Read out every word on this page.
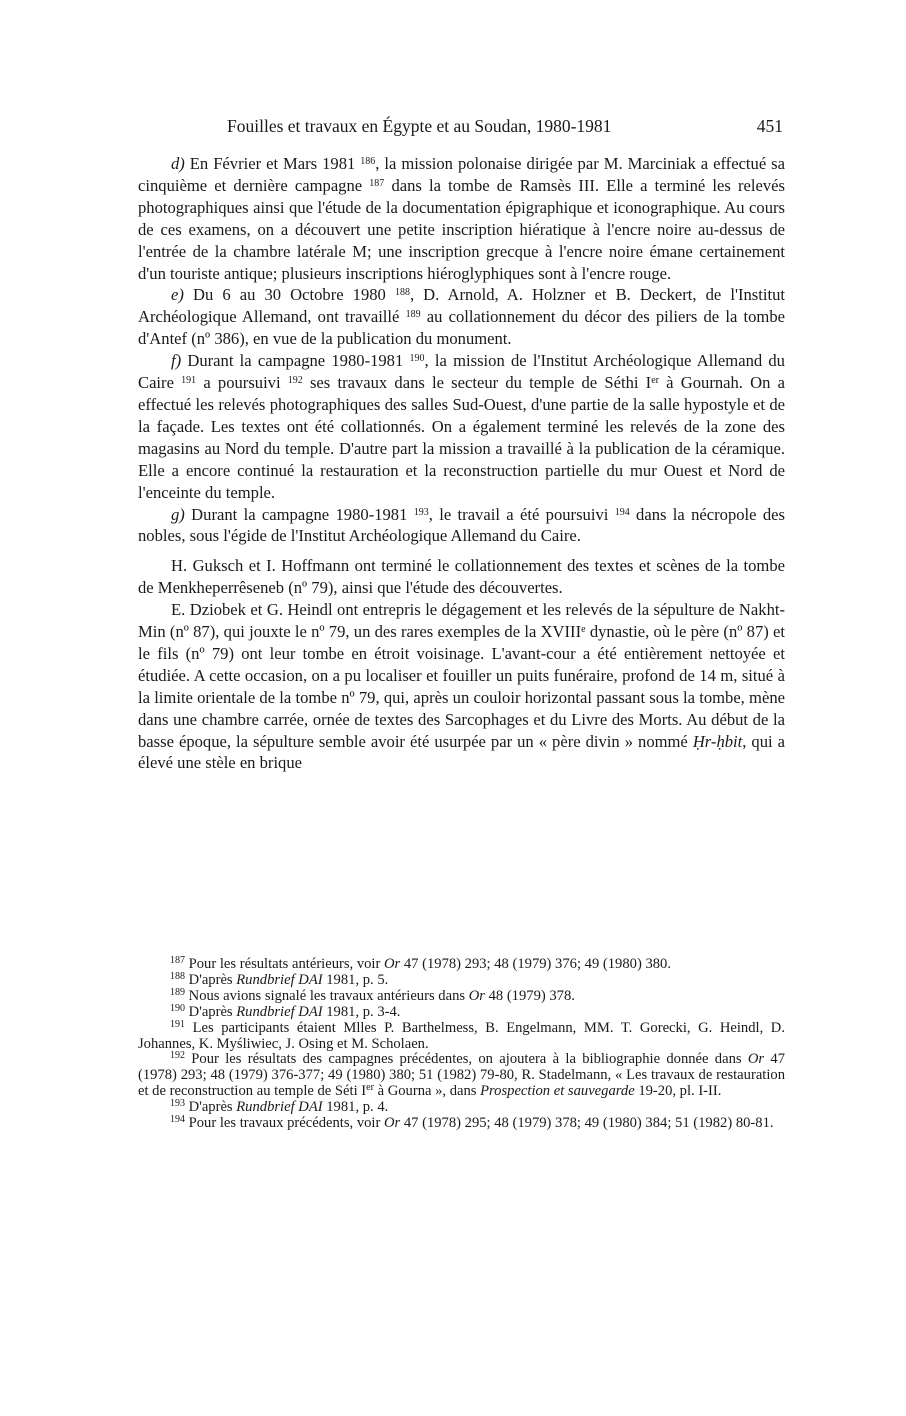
Fouilles et travaux en Égypte et au Soudan, 1980-1981	451

d) En Février et Mars 1981 $^{186}$, la mission polonaise dirigée par M. Marciniak a effectué sa cinquième et dernière campagne $^{187}$ dans la tombe de Ramsès III. Elle a terminé les relevés photographiques ainsi que l'étude de la documentation épigraphique et iconographique. Au cours de ces examens, on a découvert une petite inscription hiératique à l'encre noire au-dessus de l'entrée de la chambre latérale M; une inscription grecque à l'encre noire émane certainement d'un touriste antique; plusieurs inscriptions hiéroglyphiques sont à l'encre rouge.

e) Du 6 au 30 Octobre 1980 $^{188}$, D. Arnold, A. Holzner et B. Deckert, de l'Institut Archéologique Allemand, ont travaillé $^{189}$ au collationnement du décor des piliers de la tombe d'Antef (nº 386), en vue de la publication du monument.

f) Durant la campagne 1980-1981 $^{190}$, la mission de l'Institut Archéologique Allemand du Caire $^{191}$ a poursuivi $^{192}$ ses travaux dans le secteur du temple de Séthi Ier à Gournah. On a effectué les relevés photographiques des salles Sud-Ouest, d'une partie de la salle hypostyle et de la façade. Les textes ont été collationnés. On a également terminé les relevés de la zone des magasins au Nord du temple. D'autre part la mission a travaillé à la publication de la céramique. Elle a encore continué la restauration et la reconstruction partielle du mur Ouest et Nord de l'enceinte du temple.

g) Durant la campagne 1980-1981 $^{193}$, le travail a été poursuivi $^{194}$ dans la nécropole des nobles, sous l'égide de l'Institut Archéologique Allemand du Caire.

H. Guksch et I. Hoffmann ont terminé le collationnement des textes et scènes de la tombe de Menkheperrêseneb (nº 79), ainsi que l'étude des découvertes.

E. Dziobek et G. Heindl ont entrepris le dégagement et les relevés de la sépulture de Nakht-Min (nº 87), qui jouxte le nº 79, un des rares exemples de la XVIIIe dynastie, où le père (nº 87) et le fils (nº 79) ont leur tombe en étroit voisinage. L'avant-cour a été entièrement nettoyée et étudiée. A cette occasion, on a pu localiser et fouiller un puits funéraire, profond de 14 m, situé à la limite orientale de la tombe nº 79, qui, après un couloir horizontal passant sous la tombe, mène dans une chambre carrée, ornée de textes des Sarcophages et du Livre des Morts. Au début de la basse époque, la sépulture semble avoir été usurpée par un « père divin » nommé Ḥr-ḥbit, qui a élevé une stèle en brique

$^{187}$ Pour les résultats antérieurs, voir Or 47 (1978) 293; 48 (1979) 376; 49 (1980) 380.

$^{188}$ D'après Rundbrief DAI 1981, p. 5.

$^{189}$ Nous avions signalé les travaux antérieurs dans Or 48 (1979) 378.

$^{190}$ D'après Rundbrief DAI 1981, p. 3-4.

$^{191}$ Les participants étaient Mlles P. Barthelmess, B. Engelmann, MM. T. Gorecki, G. Heindl, D. Johannes, K. Myśliwiec, J. Osing et M. Scholaen.

$^{192}$ Pour les résultats des campagnes précédentes, on ajoutera à la bibliographie donnée dans Or 47 (1978) 293; 48 (1979) 376-377; 49 (1980) 380; 51 (1982) 79-80, R. Stadelmann, « Les travaux de restauration et de reconstruction au temple de Séti Ier à Gourna », dans Prospection et sauvegarde 19-20, pl. I-II.

$^{193}$ D'après Rundbrief DAI 1981, p. 4.

$^{194}$ Pour les travaux précédents, voir Or 47 (1978) 295; 48 (1979) 378; 49 (1980) 384; 51 (1982) 80-81.
